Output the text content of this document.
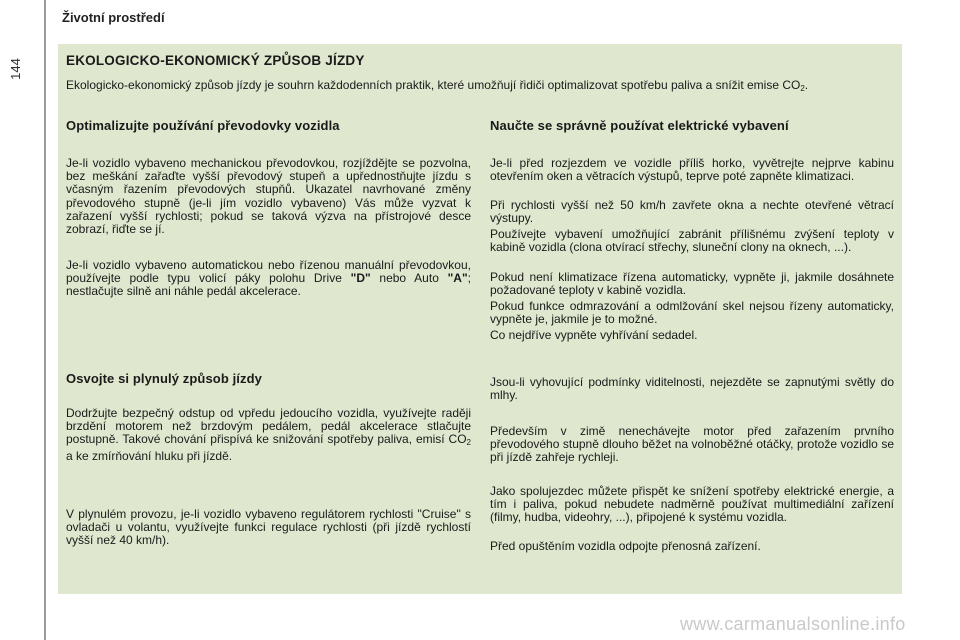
144
Životní prostředí
EKOLOGICKO-EKONOMICKÝ ZPŮSOB JÍZDY
Ekologicko-ekonomický způsob jízdy je souhrn každodenních praktik, které umožňují řidiči optimalizovat spotřebu paliva a snížit emise $CO_2$.
Optimalizujte používání převodovky vozidla
Je-li vozidlo vybaveno mechanickou převodovkou, rozjíždějte se pozvolna, bez meškání zařaďte vyšší převodový stupeň a upřednostňujte jízdu s včasným řazením převodových stupňů. Ukazatel navrhované změny převodového stupně (je-li jím vozidlo vybaveno) Vás může vyzvat k zařazení vyšší rychlosti; pokud se taková výzva na přístrojové desce zobrazí, řiďte se jí.
Je-li vozidlo vybaveno automatickou nebo řízenou manuální převodovkou, používejte podle typu volicí páky polohu Drive "D" nebo Auto "A"; nestlačujte silně ani náhle pedál akcelerace.
Osvojte si plynulý způsob jízdy
Dodržujte bezpečný odstup od vpředu jedoucího vozidla, využívejte raději brzdění motorem než brzdovým pedálem, pedál akcelerace stlačujte postupně. Takové chování přispívá ke snižování spotřeby paliva, emisí $CO_2$ a ke zmírňování hluku při jízdě.
V plynulém provozu, je-li vozidlo vybaveno regulátorem rychlosti "Cruise" s ovladači u volantu, využívejte funkci regulace rychlosti (při jízdě rychlostí vyšší než 40 km/h).
Naučte se správně používat elektrické vybavení
Je-li před rozjezdem ve vozidle příliš horko, vyvětrejte nejprve kabinu otevřením oken a větracích výstupů, teprve poté zapněte klimatizaci.
Při rychlosti vyšší než 50 km/h zavřete okna a nechte otevřené větrací výstupy.
Používejte vybavení umožňující zabránit přílišnému zvýšení teploty v kabině vozidla (clona otvírací střechy, sluneční clony na oknech, ...).
Pokud není klimatizace řízena automaticky, vypněte ji, jakmile dosáhnete požadované teploty v kabině vozidla.
Pokud funkce odmrazování a odmlžování skel nejsou řízeny automaticky, vypněte je, jakmile je to možné.
Co nejdříve vypněte vyhřívání sedadel.
Jsou-li vyhovující podmínky viditelnosti, nejezděte se zapnutými světly do mlhy.
Především v zimě nenechávejte motor před zařazením prvního převodového stupně dlouho běžet na volnoběžné otáčky, protože vozidlo se při jízdě zahřeje rychleji.
Jako spolujezdec můžete přispět ke snížení spotřeby elektrické energie, a tím i paliva, pokud nebudete nadměrně používat multimediální zařízení (filmy, hudba, videohry, ...), připojené k systému vozidla.
Před opuštěním vozidla odpojte přenosná zařízení.
www.carmanualsonline.info
